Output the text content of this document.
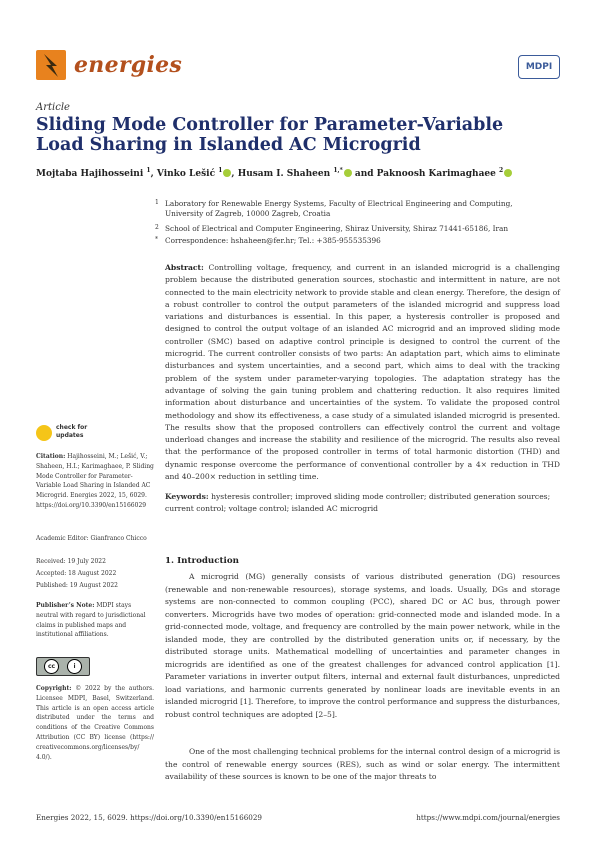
energies	MDPI
Article
Sliding Mode Controller for Parameter-Variable Load Sharing in Islanded AC Microgrid
Mojtaba Hajihosseini $^1$, Vinko Lešić $^1$ , Husam I. Shaheen $^{1,*}$ and Paknoosh Karimaghaee $^2$
1 Laboratory for Renewable Energy Systems, Faculty of Electrical Engineering and Computing, University of Zagreb, 10000 Zagreb, Croatia
2 School of Electrical and Computer Engineering, Shiraz University, Shiraz 71441-65186, Iran
* Correspondence: hshaheen@fer.hr; Tel.: +385-955535396
Abstract: Controlling voltage, frequency, and current in an islanded microgrid is a challenging problem because the distributed generation sources, stochastic and intermittent in nature, are not connected to the main electricity network to provide stable and clean energy. Therefore, the design of a robust controller to control the output parameters of the islanded microgrid and suppress load variations and disturbances is essential. In this paper, a hysteresis controller is proposed and designed to control the output voltage of an islanded AC microgrid and an improved sliding mode controller (SMC) based on adaptive control principle is designed to control the current of the microgrid. The current controller consists of two parts: An adaptation part, which aims to eliminate disturbances and system uncertainties, and a second part, which aims to deal with the tracking problem of the system under parameter-varying topologies. The adaptation strategy has the advantage of solving the gain tuning problem and chattering reduction. It also requires limited information about disturbance and uncertainties of the system. To validate the proposed control methodology and show its effectiveness, a case study of a simulated islanded microgrid is presented. The results show that the proposed controllers can effectively control the current and voltage underload changes and increase the stability and resilience of the microgrid. The results also reveal that the performance of the proposed controller in terms of total harmonic distortion (THD) and dynamic response overcome the performance of conventional controller by a 4× reduction in THD and 40–200× reduction in settling time.
Keywords: hysteresis controller; improved sliding mode controller; distributed generation sources; current control; voltage control; islanded AC microgrid
check for updates
Citation: Hajihosseini, M.; Lešić, V.; Shaheen, H.I.; Karimaghaee, P. Sliding Mode Controller for Parameter-Variable Load Sharing in Islanded AC Microgrid. Energies 2022, 15, 6029. https://doi.org/10.3390/en15166029
Academic Editor: Gianfranco Chicco
Received: 19 July 2022
Accepted: 18 August 2022
Published: 19 August 2022
Publisher’s Note: MDPI stays neutral with regard to jurisdictional claims in published maps and institutional affiliations.
cc	i
Copyright: © 2022 by the authors. Licensee MDPI, Basel, Switzerland. This article is an open access article distributed under the terms and conditions of the Creative Commons Attribution (CC BY) license (https:// creativecommons.org/licenses/by/ 4.0/).
1. Introduction
A microgrid (MG) generally consists of various distributed generation (DG) resources (renewable and non-renewable resources), storage systems, and loads. Usually, DGs and storage systems are non-connected to common coupling (PCC), shared DC or AC bus, through power converters. Microgrids have two modes of operation: grid-connected mode and islanded mode. In a grid-connected mode, voltage, and frequency are controlled by the main power network, while in the islanded mode, they are controlled by the distributed generation units or, if necessary, by the distributed storage units. Mathematical modelling of uncertainties and parameter changes in microgrids are identified as one of the greatest challenges for advanced control application [1]. Parameter variations in inverter output filters, internal and external fault disturbances, unpredicted load variations, and harmonic currents generated by nonlinear loads are inevitable events in an islanded microgrid [1]. Therefore, to improve the control performance and suppress the disturbances, robust control techniques are adopted [2–5].
One of the most challenging technical problems for the internal control design of a microgrid is the control of renewable energy sources (RES), such as wind or solar energy. The intermittent availability of these sources is known to be one of the major threats to
Energies 2022, 15, 6029. https://doi.org/10.3390/en15166029	https://www.mdpi.com/journal/energies
